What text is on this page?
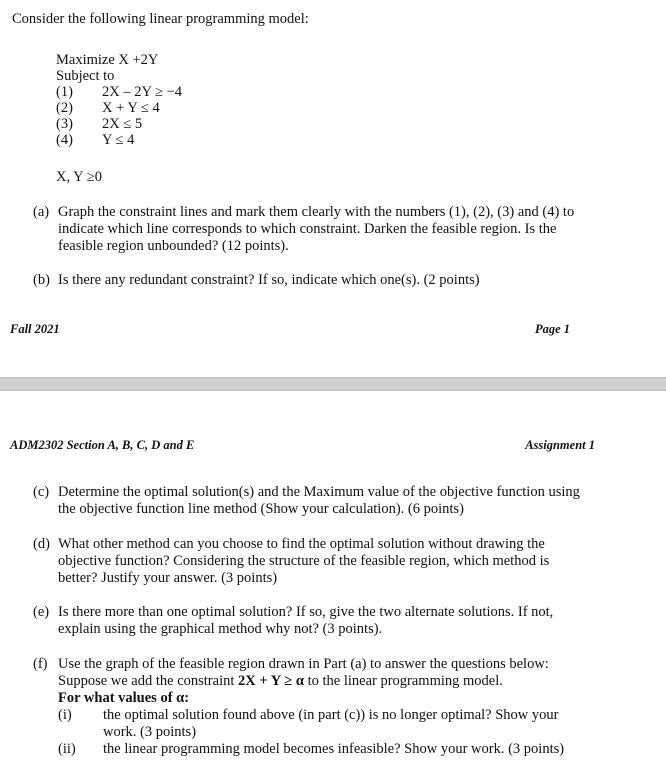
Consider the following linear programming model:
Maximize X +2Y
Subject to
(1)	2X – 2Y ≥ −4
(2)	X + Y ≤ 4
(3)	2X ≤ 5
(4)	Y ≤ 4
X, Y ≥0
(a) Graph the constraint lines and mark them clearly with the numbers (1), (2), (3) and (4) to
indicate which line corresponds to which constraint. Darken the feasible region. Is the
feasible region unbounded? (12 points).
(b) Is there any redundant constraint? If so, indicate which one(s). (2 points)
Fall 2021	Page 1
ADM2302 Section A, B, C, D and E	Assignment 1
(c) Determine the optimal solution(s) and the Maximum value of the objective function using
the objective function line method (Show your calculation). (6 points)
(d) What other method can you choose to find the optimal solution without drawing the
objective function? Considering the structure of the feasible region, which method is
better? Justify your answer. (3 points)
(e) Is there more than one optimal solution? If so, give the two alternate solutions. If not,
explain using the graphical method why not? (3 points).
(f) Use the graph of the feasible region drawn in Part (a) to answer the questions below:
Suppose we add the constraint 2X + Y ≥ α to the linear programming model.
For what values of α:
(i) the optimal solution found above (in part (c)) is no longer optimal? Show your
work. (3 points)
(ii) the linear programming model becomes infeasible? Show your work. (3 points)
